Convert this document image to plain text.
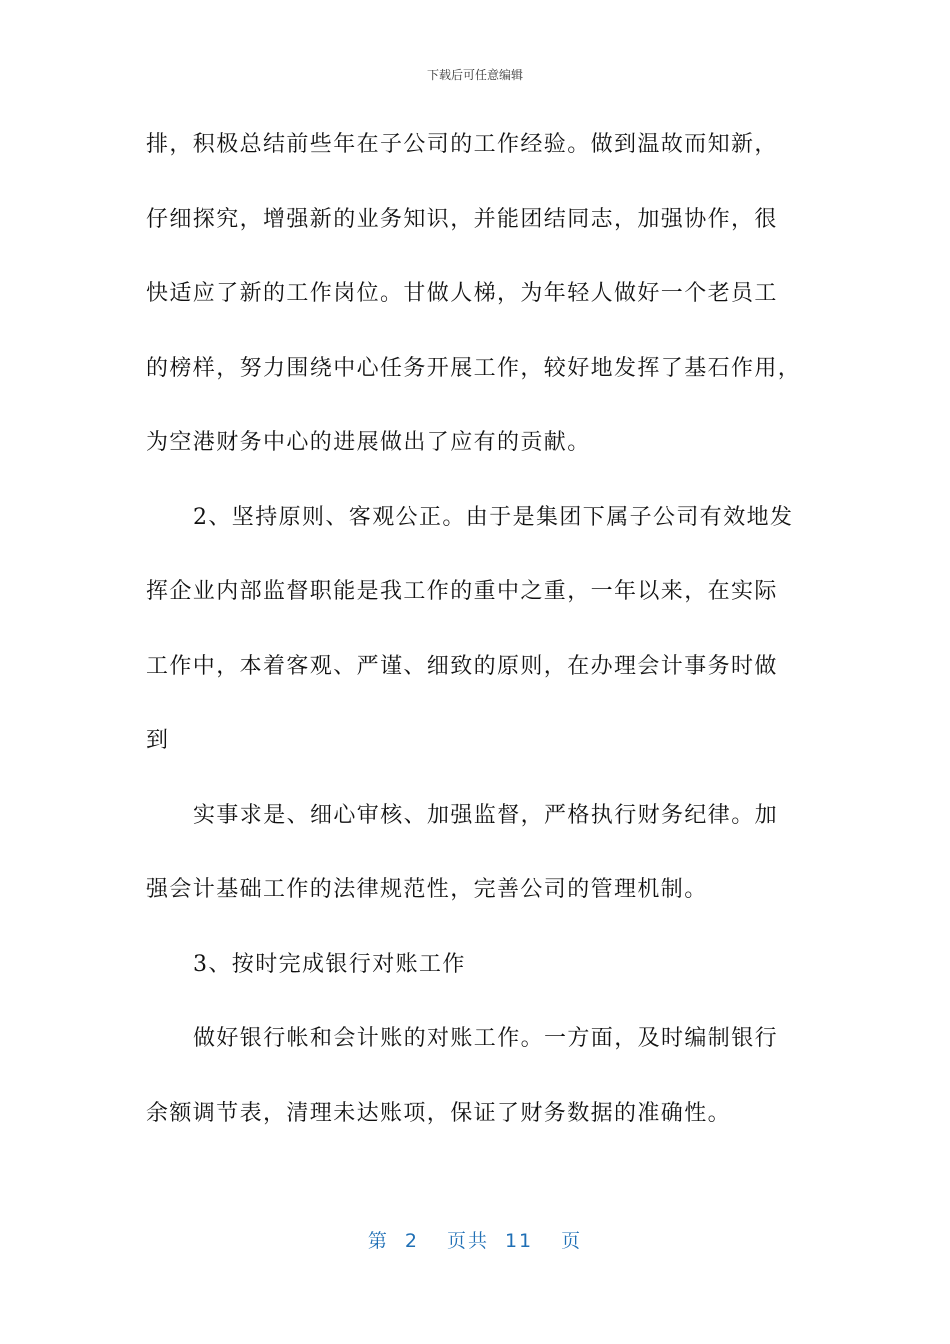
下载后可任意编辑
排，积极总结前些年在子公司的工作经验。做到温故而知新，
仔细探究，增强新的业务知识，并能团结同志，加强协作，很
快适应了新的工作岗位。甘做人梯，为年轻人做好一个老员工
的榜样，努力围绕中心任务开展工作，较好地发挥了基石作用，
为空港财务中心的进展做出了应有的贡献。
2、坚持原则、客观公正。由于是集团下属子公司有效地发
挥企业内部监督职能是我工作的重中之重，一年以来，在实际
工作中，本着客观、严谨、细致的原则，在办理会计事务时做
到
实事求是、细心审核、加强监督，严格执行财务纪律。加
强会计基础工作的法律规范性，完善公司的管理机制。
3、按时完成银行对账工作
做好银行帐和会计账的对账工作。一方面，及时编制银行
余额调节表，清理未达账项，保证了财务数据的准确性。
第 2 页共 11 页
